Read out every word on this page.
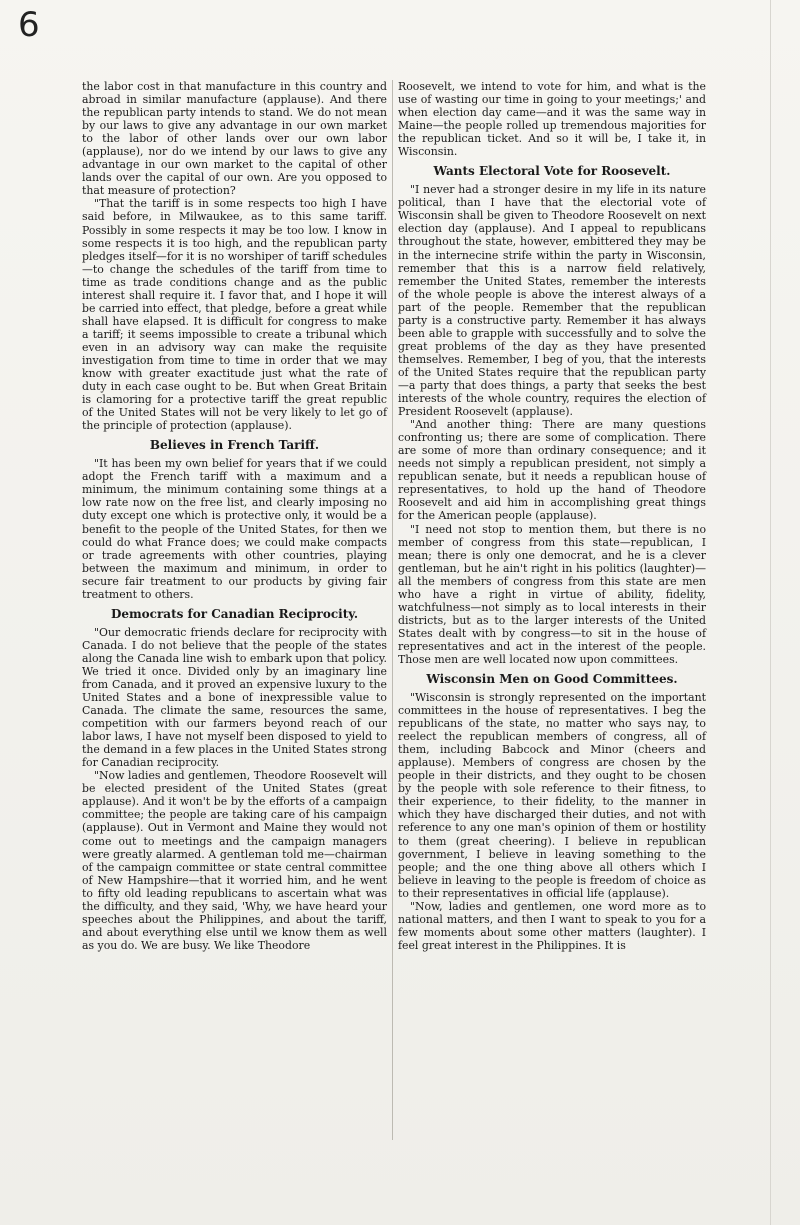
6

the labor cost in that manufacture in this country and abroad in similar manufacture (applause). And there the republican party intends to stand. We do not mean by our laws to give any advantage in our own market to the labor of other lands over our own labor (applause), nor do we intend by our laws to give any advantage in our own market to the capital of other lands over the capital of our own. Are you opposed to that measure of protection?

"That the tariff is in some respects too high I have said before, in Milwaukee, as to this same tariff. Possibly in some respects it may be too low. I know in some respects it is too high, and the republican party pledges itself—for it is no worshiper of tariff schedules—to change the schedules of the tariff from time to time as trade conditions change and as the public interest shall require it. I favor that, and I hope it will be carried into effect, that pledge, before a great while shall have elapsed. It is difficult for congress to make a tariff; it seems impossible to create a tribunal which even in an advisory way can make the requisite investigation from time to time in order that we may know with greater exactitude just what the rate of duty in each case ought to be. But when Great Britain is clamoring for a protective tariff the great republic of the United States will not be very likely to let go of the principle of protection (applause).

Believes in French Tariff.

"It has been my own belief for years that if we could adopt the French tariff with a maximum and a minimum, the minimum containing some things at a low rate now on the free list, and clearly imposing no duty except one which is protective only, it would be a benefit to the people of the United States, for then we could do what France does; we could make compacts or trade agreements with other countries, playing between the maximum and minimum, in order to secure fair treatment to our products by giving fair treatment to others.

Democrats for Canadian Reciprocity.

"Our democratic friends declare for reciprocity with Canada. I do not believe that the people of the states along the Canada line wish to embark upon that policy. We tried it once. Divided only by an imaginary line from Canada, and it proved an expensive luxury to the United States and a bone of inexpressible value to Canada. The climate the same, resources the same, competition with our farmers beyond reach of our labor laws, I have not myself been disposed to yield to the demand in a few places in the United States strong for Canadian reciprocity.

"Now ladies and gentlemen, Theodore Roosevelt will be elected president of the United States (great applause). And it won't be by the efforts of a campaign committee; the people are taking care of his campaign (applause). Out in Vermont and Maine they would not come out to meetings and the campaign managers were greatly alarmed. A gentleman told me—chairman of the campaign committee or state central committee of New Hampshire—that it worried him, and he went to fifty old leading republicans to ascertain what was the difficulty, and they said, 'Why, we have heard your speeches about the Philippines, and about the tariff, and about everything else until we know them as well as you do. We are busy. We like Theodore

Roosevelt, we intend to vote for him, and what is the use of wasting our time in going to your meetings;' and when election day came—and it was the same way in Maine—the people rolled up tremendous majorities for the republican ticket. And so it will be, I take it, in Wisconsin.

Wants Electoral Vote for Roosevelt.

"I never had a stronger desire in my life in its nature political, than I have that the electorial vote of Wisconsin shall be given to Theodore Roosevelt on next election day (applause). And I appeal to republicans throughout the state, however, embittered they may be in the internecine strife within the party in Wisconsin, remember that this is a narrow field relatively, remember the United States, remember the interests of the whole people is above the interest always of a part of the people. Remember that the republican party is a constructive party. Remember it has always been able to grapple with successfully and to solve the great problems of the day as they have presented themselves. Remember, I beg of you, that the interests of the United States require that the republican party—a party that does things, a party that seeks the best interests of the whole country, requires the election of President Roosevelt (applause).

"And another thing: There are many questions confronting us; there are some of complication. There are some of more than ordinary consequence; and it needs not simply a republican president, not simply a republican senate, but it needs a republican house of representatives, to hold up the hand of Theodore Roosevelt and aid him in accomplishing great things for the American people (applause).

"I need not stop to mention them, but there is no member of congress from this state—republican, I mean; there is only one democrat, and he is a clever gentleman, but he ain't right in his politics (laughter)—all the members of congress from this state are men who have a right in virtue of ability, fidelity, watchfulness—not simply as to local interests in their districts, but as to the larger interests of the United States dealt with by congress—to sit in the house of representatives and act in the interest of the people. Those men are well located now upon committees.

Wisconsin Men on Good Committees.

"Wisconsin is strongly represented on the important committees in the house of representatives. I beg the republicans of the state, no matter who says nay, to reelect the republican members of congress, all of them, including Babcock and Minor (cheers and applause). Members of congress are chosen by the people in their districts, and they ought to be chosen by the people with sole reference to their fitness, to their experience, to their fidelity, to the manner in which they have discharged their duties, and not with reference to any one man's opinion of them or hostility to them (great cheering). I believe in republican government, I believe in leaving something to the people; and the one thing above all others which I believe in leaving to the people is freedom of choice as to their representatives in official life (applause).

"Now, ladies and gentlemen, one word more as to national matters, and then I want to speak to you for a few moments about some other matters (laughter). I feel great interest in the Philippines. It is
